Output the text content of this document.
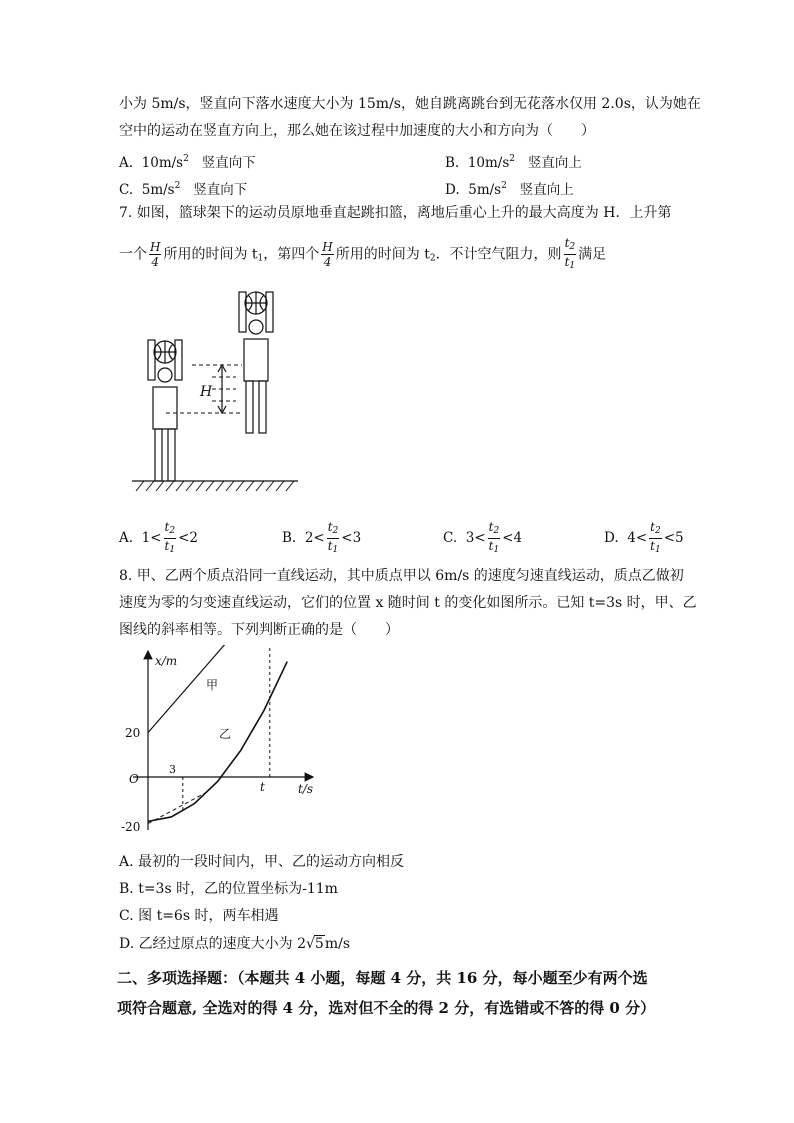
小为 5m/s，竖直向下落水速度大小为 15m/s，她自跳离跳台到无花落水仅用 2.0s，认为她在
空中的运动在竖直方向上，那么她在该过程中加速度的大小和方向为（　　）
A. $10m/s^2$ 竖直向下	B. $10m/s^2$ 竖直向上
C. $5m/s^2$ 竖直向下	D. $5m/s^2$ 竖直向上
7. 如图，篮球架下的运动员原地垂直起跳扣篮，离地后重心上升的最大高度为 H．上升第
一个 $\frac{H}{4}$ 所用的时间为 $t_1$，第四个 $\frac{H}{4}$ 所用的时间为 $t_2$．不计空气阻力，则 $\frac{t_2}{t_1}$ 满足
H
A. $1< \frac{t_2}{t_1} <2$	B. $2< \frac{t_2}{t_1} <3$	C. $3< \frac{t_2}{t_1} <4$	D. $4< \frac{t_2}{t_1} <5$
8. 甲、乙两个质点沿同一直线运动，其中质点甲以 6m/s 的速度匀速直线运动，质点乙做初
速度为零的匀变速直线运动，它们的位置 x 随时间 t 的变化如图所示。已知 t=3s 时，甲、乙
图线的斜率相等。下列判断正确的是（　　）
x/m
t/s
O
20
-20
3
t
甲
乙
A. 最初的一段时间内，甲、乙的运动方向相反
B. t=3s 时，乙的位置坐标为-11m
C. 图 t=6s 时，两车相遇
D. 乙经过原点的速度大小为 2√5m/s
二、多项选择题：（本题共 4 小题，每题 4 分，共 16 分，每小题至少有两个选
项符合题意, 全选对的得 4 分，选对但不全的得 2 分，有选错或不答的得 0 分）
